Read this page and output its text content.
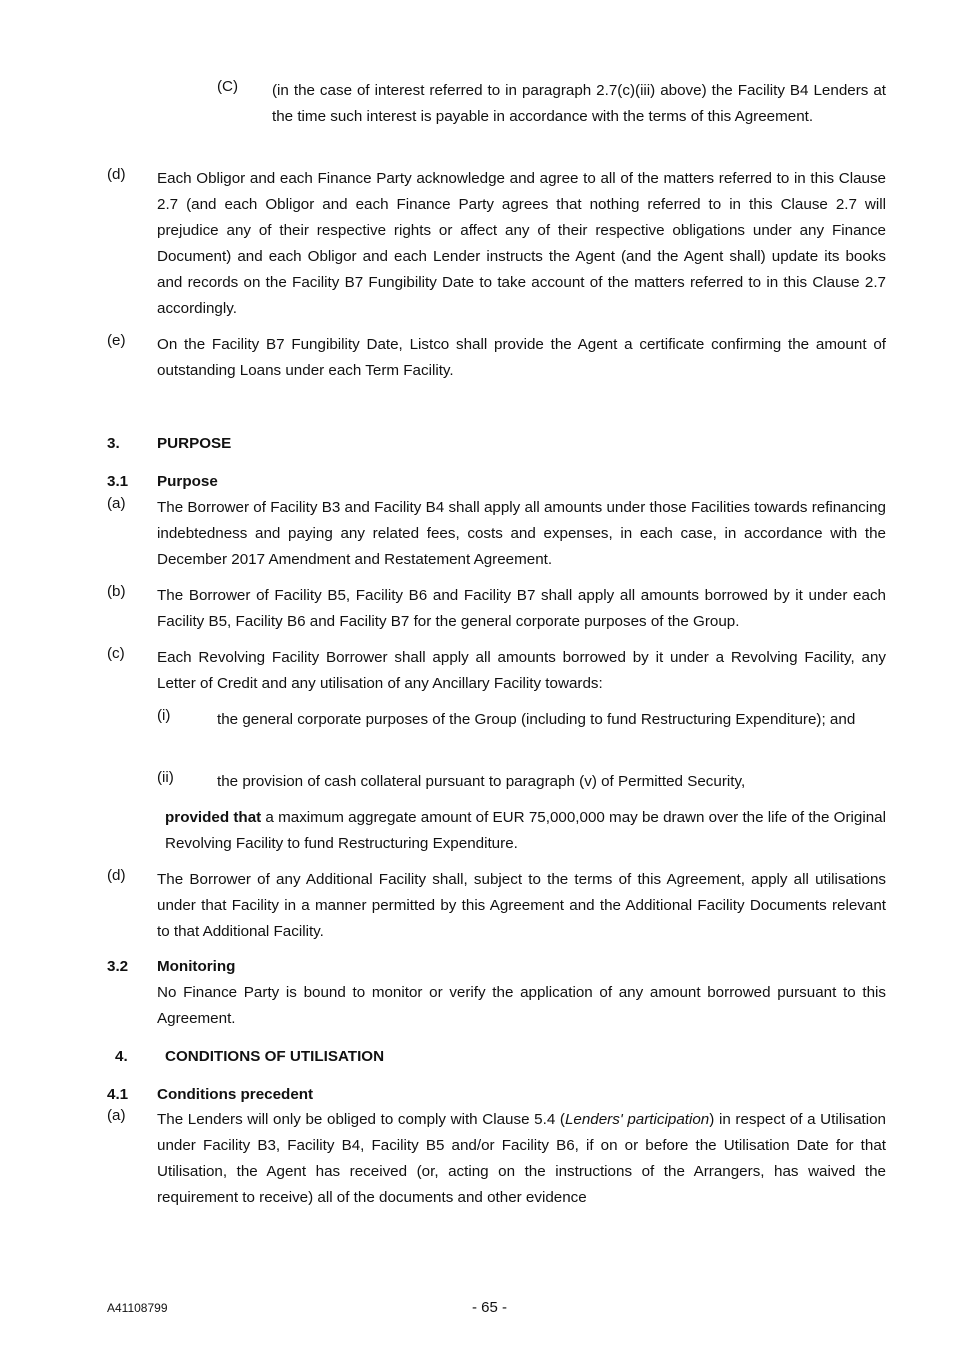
(C) (in the case of interest referred to in paragraph 2.7(c)(iii) above) the Facility B4 Lenders at the time such interest is payable in accordance with the terms of this Agreement.
(d) Each Obligor and each Finance Party acknowledge and agree to all of the matters referred to in this Clause 2.7 (and each Obligor and each Finance Party agrees that nothing referred to in this Clause 2.7 will prejudice any of their respective rights or affect any of their respective obligations under any Finance Document) and each Obligor and each Lender instructs the Agent (and the Agent shall) update its books and records on the Facility B7 Fungibility Date to take account of the matters referred to in this Clause 2.7 accordingly.
(e) On the Facility B7 Fungibility Date, Listco shall provide the Agent a certificate confirming the amount of outstanding Loans under each Term Facility.
3. PURPOSE
3.1 Purpose
(a) The Borrower of Facility B3 and Facility B4 shall apply all amounts under those Facilities towards refinancing indebtedness and paying any related fees, costs and expenses, in each case, in accordance with the December 2017 Amendment and Restatement Agreement.
(b) The Borrower of Facility B5, Facility B6 and Facility B7 shall apply all amounts borrowed by it under each Facility B5, Facility B6 and Facility B7 for the general corporate purposes of the Group.
(c) Each Revolving Facility Borrower shall apply all amounts borrowed by it under a Revolving Facility, any Letter of Credit and any utilisation of any Ancillary Facility towards:
(i)	the general corporate purposes of the Group (including to fund Restructuring Expenditure); and
(ii)	the provision of cash collateral pursuant to paragraph (v) of Permitted Security,
provided that a maximum aggregate amount of EUR 75,000,000 may be drawn over the life of the Original Revolving Facility to fund Restructuring Expenditure.
(d) The Borrower of any Additional Facility shall, subject to the terms of this Agreement, apply all utilisations under that Facility in a manner permitted by this Agreement and the Additional Facility Documents relevant to that Additional Facility.
3.2 Monitoring
No Finance Party is bound to monitor or verify the application of any amount borrowed pursuant to this Agreement.
4. CONDITIONS OF UTILISATION
4.1 Conditions precedent
(a) The Lenders will only be obliged to comply with Clause 5.4 (Lenders' participation) in respect of a Utilisation under Facility B3, Facility B4, Facility B5 and/or Facility B6, if on or before the Utilisation Date for that Utilisation, the Agent has received (or, acting on the instructions of the Arrangers, has waived the requirement to receive) all of the documents and other evidence
A41108799	- 65 -
